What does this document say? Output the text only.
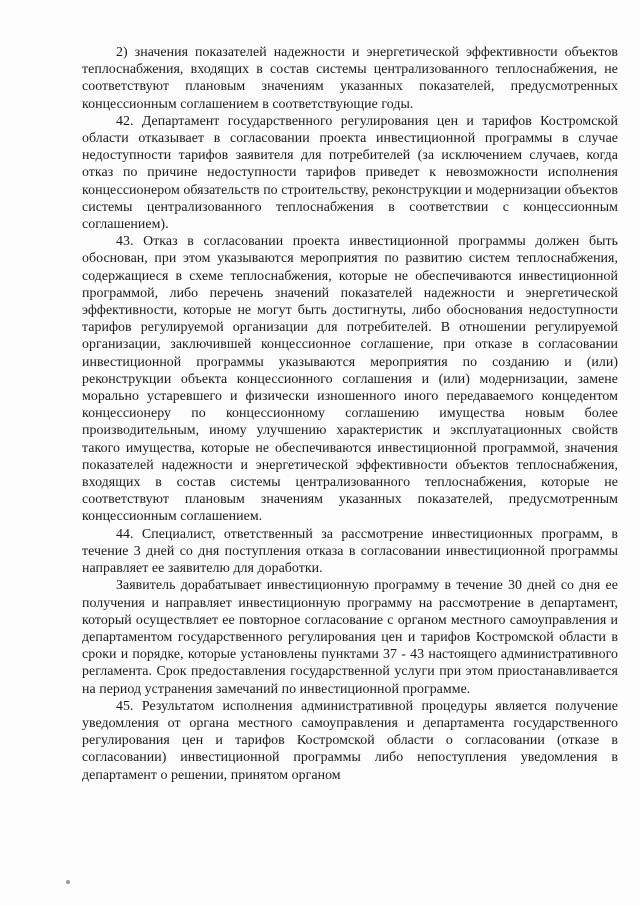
2) значения показателей надежности и энергетической эффективности объектов теплоснабжения, входящих в состав системы централизованного теплоснабжения, не соответствуют плановым значениям указанных показателей, предусмотренных концессионным соглашением в соответствующие годы.

42. Департамент государственного регулирования цен и тарифов Костромской области отказывает в согласовании проекта инвестиционной программы в случае недоступности тарифов заявителя для потребителей (за исключением случаев, когда отказ по причине недоступности тарифов приведет к невозможности исполнения концессионером обязательств по строительству, реконструкции и модернизации объектов системы централизованного теплоснабжения в соответствии с концессионным соглашением).

43. Отказ в согласовании проекта инвестиционной программы должен быть обоснован, при этом указываются мероприятия по развитию систем теплоснабжения, содержащиеся в схеме теплоснабжения, которые не обеспечиваются инвестиционной программой, либо перечень значений показателей надежности и энергетической эффективности, которые не могут быть достигнуты, либо обоснования недоступности тарифов регулируемой организации для потребителей. В отношении регулируемой организации, заключившей концессионное соглашение, при отказе в согласовании инвестиционной программы указываются мероприятия по созданию и (или) реконструкции объекта концессионного соглашения и (или) модернизации, замене морально устаревшего и физически изношенного иного передаваемого концедентом концессионеру по концессионному соглашению имущества новым более производительным, иному улучшению характеристик и эксплуатационных свойств такого имущества, которые не обеспечиваются инвестиционной программой, значения показателей надежности и энергетической эффективности объектов теплоснабжения, входящих в состав системы централизованного теплоснабжения, которые не соответствуют плановым значениям указанных показателей, предусмотренным концессионным соглашением.

44. Специалист, ответственный за рассмотрение инвестиционных программ, в течение 3 дней со дня поступления отказа в согласовании инвестиционной программы направляет ее заявителю для доработки.

Заявитель дорабатывает инвестиционную программу в течение 30 дней со дня ее получения и направляет инвестиционную программу на рассмотрение в департамент, который осуществляет ее повторное согласование с органом местного самоуправления и департаментом государственного регулирования цен и тарифов Костромской области в сроки и порядке, которые установлены пунктами 37 - 43 настоящего административного регламента. Срок предоставления государственной услуги при этом приостанавливается на период устранения замечаний по инвестиционной программе.

45. Результатом исполнения административной процедуры является получение уведомления от органа местного самоуправления и департамента государственного регулирования цен и тарифов Костромской области о согласовании (отказе в согласовании) инвестиционной программы либо непоступления уведомления в департамент о решении, принятом органом
